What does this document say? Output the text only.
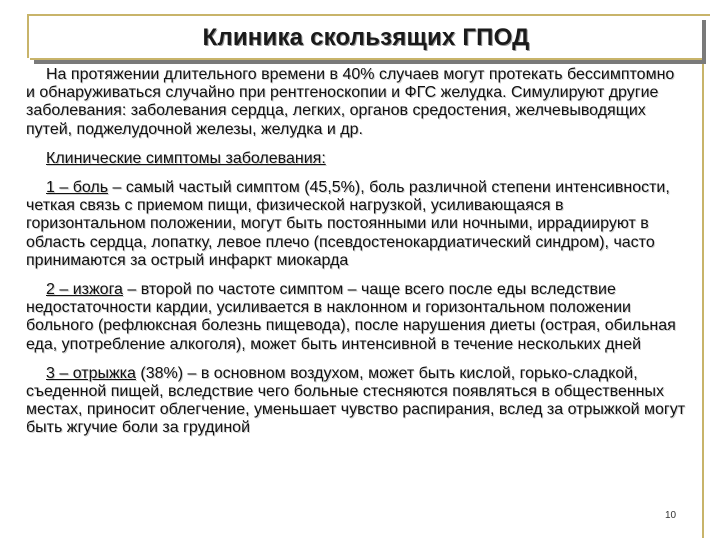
Клиника скользящих ГПОД

На протяжении длительного времени в 40% случаев могут протекать бессимптомно и обнаруживаться случайно при рентгеноскопии и ФГС желудка. Симулируют другие заболевания: заболевания сердца, легких, органов средостения, желчевыводящих путей, поджелудочной железы, желудка и др.

Клинические симптомы заболевания:

1 – боль – самый частый симптом (45,5%), боль различной степени интенсивности, четкая связь с приемом пищи, физической нагрузкой, усиливающаяся в горизонтальном положении, могут быть постоянными или ночными, иррадиируют в область сердца, лопатку, левое плечо (псевдостенокардиатический синдром), часто принимаются за острый инфаркт миокарда

2 – изжога – второй по частоте симптом – чаще всего после еды вследствие недостаточности кардии, усиливается в наклонном и горизонтальном положении больного (рефлюксная болезнь пищевода), после нарушения диеты (острая, обильная еда, употребление алкоголя), может быть интенсивной в течение нескольких дней

3 – отрыжка (38%) – в основном воздухом, может быть кислой, горько-сладкой, съеденной пищей, вследствие чего больные стесняются появляться в общественных местах, приносит облегчение, уменьшает чувство распирания, вслед за отрыжкой могут быть жгучие боли за грудиной

10
